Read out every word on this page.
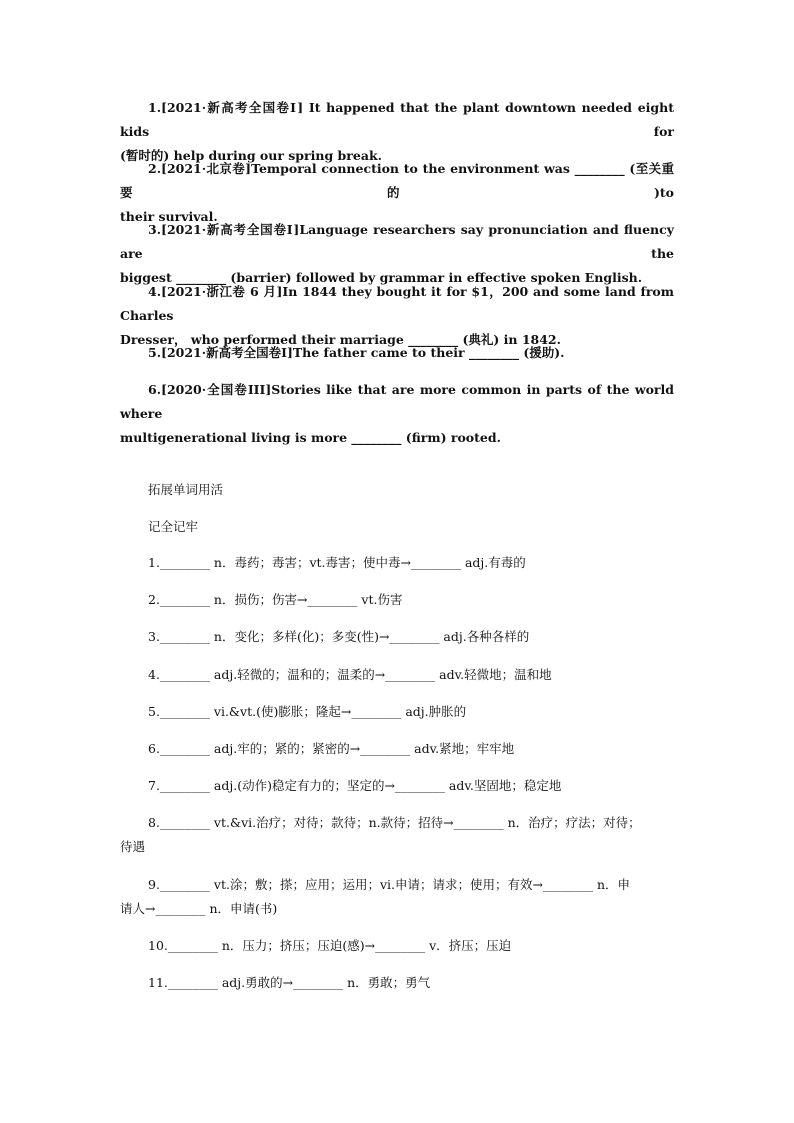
1.[2021·新高考全国卷Ⅰ] It happened that the plant downtown needed eight kids for
(暂时的) help during our spring break.
2.[2021·北京卷]Temporal connection to the environment was ________ (至关重要的)to
their survival.
3.[2021·新高考全国卷Ⅰ]Language researchers say pronunciation and fluency are the
biggest ________ (barrier) followed by grammar in effective spoken English.
4.[2021·浙江卷 6 月]In 1844 they bought it for $1，200 and some land from Charles
Dresser， who performed their marriage ________ (典礼) in 1842.
5.[2021·新高考全国卷Ⅰ]The father came to their ________ (援助).
6.[2020·全国卷III]Stories like that are more common in parts of the world where
multigenerational living is more ________ (firm) rooted.
拓展单词用活
记全记牢
1.________ n．毒药；毒害；vt.毒害；使中毒→________ adj.有毒的
2.________ n．损伤；伤害→________ vt.伤害
3.________ n．变化；多样(化)；多变(性)→________ adj.各种各样的
4.________ adj.轻微的；温和的；温柔的→________ adv.轻微地；温和地
5.________ vi.&vt.(使)膨胀；隆起→________ adj.肿胀的
6.________ adj.牢的；紧的；紧密的→________ adv.紧地；牢牢地
7.________ adj.(动作)稳定有力的；坚定的→________ adv.坚固地；稳定地
8.________ vt.&vi.治疗；对待；款待；n.款待；招待→________ n．治疗；疗法；对待；
待遇
9.________ vt.涂；敷；搽；应用；运用；vi.申请；请求；使用；有效→________ n．申
请人→________ n．申请(书)
10.________ n．压力；挤压；压迫(感)→________ v．挤压；压迫
11.________ adj.勇敢的→________ n．勇敢；勇气
